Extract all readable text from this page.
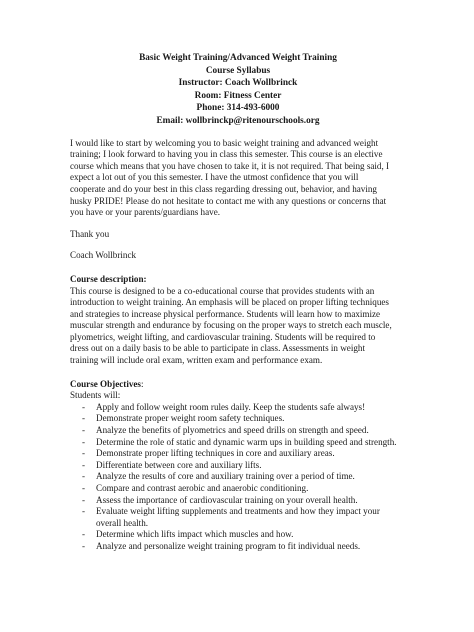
Basic Weight Training/Advanced Weight Training
Course Syllabus
Instructor: Coach Wollbrinck
Room: Fitness Center
Phone: 314-493-6000
Email: wollbrinckp@ritenourschools.org
I would like to start by welcoming you to basic weight training and advanced weight
training; I look forward to having you in class this semester. This course is an elective
course which means that you have chosen to take it, it is not required. That being said, I
expect a lot out of you this semester. I have the utmost confidence that you will
cooperate and do your best in this class regarding dressing out, behavior, and having
husky PRIDE! Please do not hesitate to contact me with any questions or concerns that
you have or your parents/guardians have.
Thank you
Coach Wollbrinck
Course description:
This course is designed to be a co-educational course that provides students with an
introduction to weight training. An emphasis will be placed on proper lifting techniques
and strategies to increase physical performance. Students will learn how to maximize
muscular strength and endurance by focusing on the proper ways to stretch each muscle,
plyometrics, weight lifting, and cardiovascular training. Students will be required to
dress out on a daily basis to be able to participate in class. Assessments in weight
training will include oral exam, written exam and performance exam.
Course Objectives:
Students will:
- Apply and follow weight room rules daily. Keep the students safe always!
- Demonstrate proper weight room safety techniques.
- Analyze the benefits of plyometrics and speed drills on strength and speed.
- Determine the role of static and dynamic warm ups in building speed and strength.
- Demonstrate proper lifting techniques in core and auxiliary areas.
- Differentiate between core and auxiliary lifts.
- Analyze the results of core and auxiliary training over a period of time.
- Compare and contrast aerobic and anaerobic conditioning.
- Assess the importance of cardiovascular training on your overall health.
- Evaluate weight lifting supplements and treatments and how they impact your overall health.
- Determine which lifts impact which muscles and how.
- Analyze and personalize weight training program to fit individual needs.
